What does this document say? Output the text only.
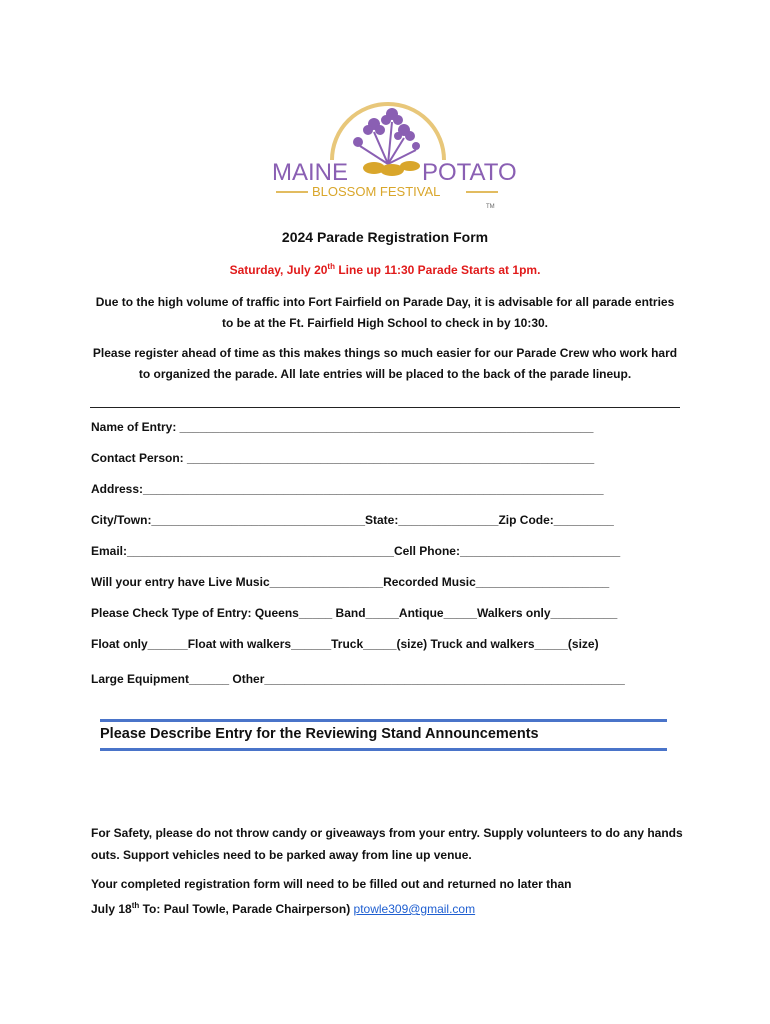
MAINE	POTATO
BLOSSOM FESTIVAL
TM
2024 Parade Registration Form
Saturday, July 20th Line up 11:30 Parade Starts at 1pm.
Due to the high volume of traffic into Fort Fairfield on Parade Day, it is advisable for all parade entries to be at the Ft. Fairfield High School to check in by 10:30.
Please register ahead of time as this makes things so much easier for our Parade Crew who work hard to organized the parade. All late entries will be placed to the back of the parade lineup.
Name of Entry: ______________________________________________________________
Contact Person: _____________________________________________________________
Address:_____________________________________________________________________
City/Town:________________________________State:_______________Zip Code:_________
Email:________________________________________Cell Phone:________________________
Will your entry have Live Music_________________Recorded Music____________________
Please Check Type of Entry: Queens_____ Band_____Antique_____Walkers only__________
Float only______Float with walkers______Truck_____(size) Truck and walkers_____(size)
Large Equipment______ Other______________________________________________________
Please Describe Entry for the Reviewing Stand Announcements
For Safety, please do not throw candy or giveaways from your entry. Supply volunteers to do any hands outs. Support vehicles need to be parked away from line up venue.
Your completed registration form will need to be filled out and returned no later than
July 18th To: Paul Towle, Parade Chairperson) ptowle309@gmail.com
